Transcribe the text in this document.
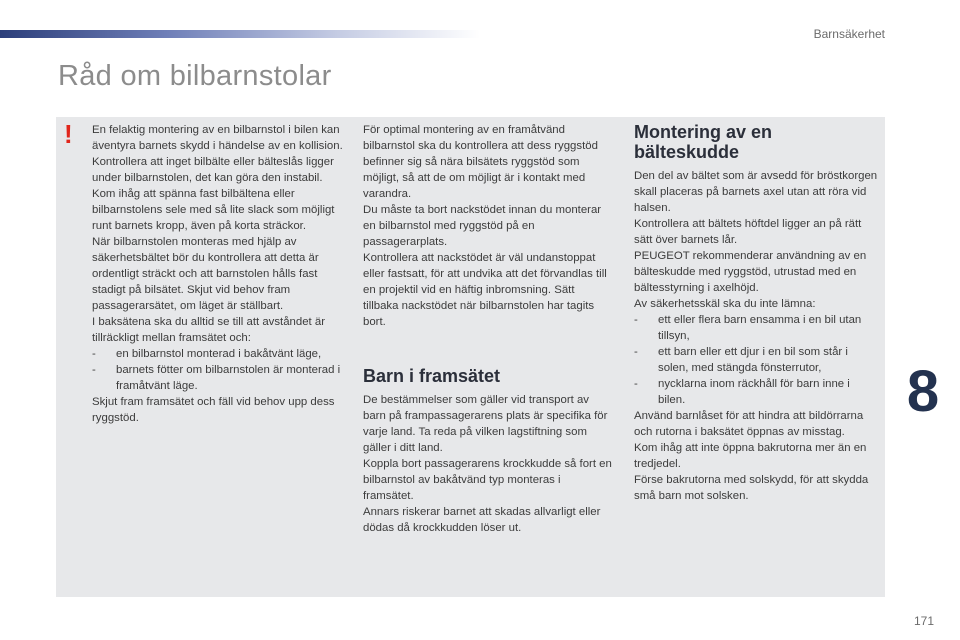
Barnsäkerhet
Råd om bilbarnstolar
! En felaktig montering av en bilbarnstol i bilen kan äventyra barnets skydd i händelse av en kollision.

Kontrollera att inget bilbälte eller bälteslås ligger under bilbarnstolen, det kan göra den instabil.

Kom ihåg att spänna fast bilbältena eller bilbarnstolens sele med så lite slack som möjligt runt barnets kropp, även på korta sträckor.

När bilbarnstolen monteras med hjälp av säkerhetsbältet bör du kontrollera att detta är ordentligt sträckt och att barnstolen hålls fast stadigt på bilsätet. Skjut vid behov fram passagerarsätet, om läget är ställbart.

I baksätena ska du alltid se till att avståndet är tillräckligt mellan framsätet och:

-	en bilbarnstol monterad i bakåtvänt läge,
-	barnets fötter om bilbarnstolen är monterad i framåtvänt läge.

Skjut fram framsätet och fäll vid behov upp dess ryggstöd.

För optimal montering av en framåtvänd bilbarnstol ska du kontrollera att dess ryggstöd befinner sig så nära bilsätets ryggstöd som möjligt, så att de om möjligt är i kontakt med varandra.

Du måste ta bort nackstödet innan du monterar en bilbarnstol med ryggstöd på en passagerarplats.

Kontrollera att nackstödet är väl undanstoppat eller fastsatt, för att undvika att det förvandlas till en projektil vid en häftig inbromsning. Sätt tillbaka nackstödet när bilbarnstolen har tagits bort.

Barn i framsätet

De bestämmelser som gäller vid transport av barn på frampassagerarens plats är specifika för varje land. Ta reda på vilken lagstiftning som gäller i ditt land.

Koppla bort passagerarens krockkudde så fort en bilbarnstol av bakåtvänd typ monteras i framsätet.

Annars riskerar barnet att skadas allvarligt eller dödas då krockkudden löser ut.

Montering av en bälteskudde

Den del av bältet som är avsedd för bröstkorgen skall placeras på barnets axel utan att röra vid halsen.

Kontrollera att bältets höftdel ligger an på rätt sätt över barnets lår.

PEUGEOT rekommenderar användning av en bälteskudde med ryggstöd, utrustad med en bältesstyrning i axelhöjd.

Av säkerhetsskäl ska du inte lämna:

-	ett eller flera barn ensamma i en bil utan tillsyn,
-	ett barn eller ett djur i en bil som står i solen, med stängda fönsterrutor,
-	nycklarna inom räckhåll för barn inne i bilen.

Använd barnlåset för att hindra att bildörrarna och rutorna i baksätet öppnas av misstag.

Kom ihåg att inte öppna bakrutorna mer än en tredjedel.

Förse bakrutorna med solskydd, för att skydda små barn mot solsken.

8
171
